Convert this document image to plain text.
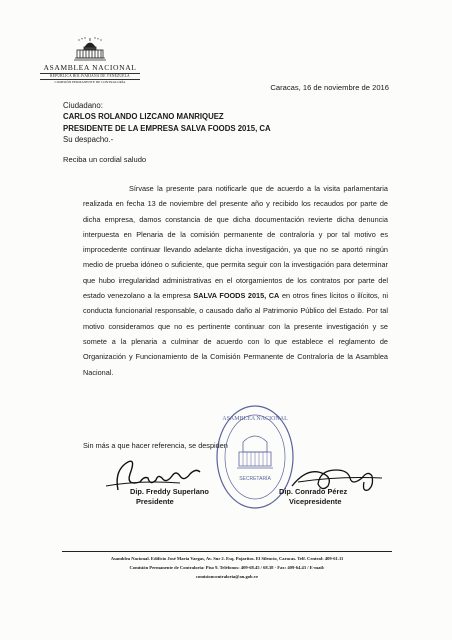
ASAMBLEA NACIONAL
REPÚBLICA BOLIVARIANA DE VENEZUELA
COMISIÓN PERMANENTE DE CONTRALORÍA
Caracas, 16 de noviembre de 2016
Ciudadano:
CARLOS ROLANDO LIZCANO MANRIQUEZ
PRESIDENTE DE LA EMPRESA SALVA FOODS 2015, CA
Su despacho.-
Reciba un cordial saludo
Sírvase la presente para notificarle que de acuerdo a la visita parlamentaria realizada en fecha 13 de noviembre del presente año y recibido los recaudos por parte de dicha empresa, damos constancia de que dicha documentación revierte dicha denuncia interpuesta en Plenaria de la comisión permanente de contraloría y por tal motivo es improcedente continuar llevando adelante dicha investigación, ya que no se aportó ningún medio de prueba idóneo o suficiente, que permita seguir con la investigación para determinar que hubo irregularidad administrativas en el otorgamientos de los contratos por parte del estado venezolano a la empresa SALVA FOODS 2015, CA en otros fines lícitos o ilícitos, ni conducta funcionarial responsable, o causado daño al Patrimonio Público del Estado. Por tal motivo consideramos que no es pertinente continuar con la presente investigación y se somete a la plenaria a culminar de acuerdo con lo que establece el reglamento de Organización y Funcionamiento de la Comisión Permanente de Contraloría de la Asamblea Nacional.
Sin más a que hacer referencia, se despiden
ASAMBLEA NACIONAL
SECRETARÍA
Dip. Freddy Superlano
Presidente
Dip. Conrado Pérez
Vicepresidente
Asamblea Nacional. Edificio José María Vargas, Av. Sur 2. Esq. Pajaritos. El Silencio, Caracas. Telf. Central: 409-61.11
Comisión Permanente de Contraloría: Piso 9. Teléfonos: 409-68.45 / 68.38 - Fax: 409-64.43 / E-mail:
comisioncontraloria@an.gob.ve
